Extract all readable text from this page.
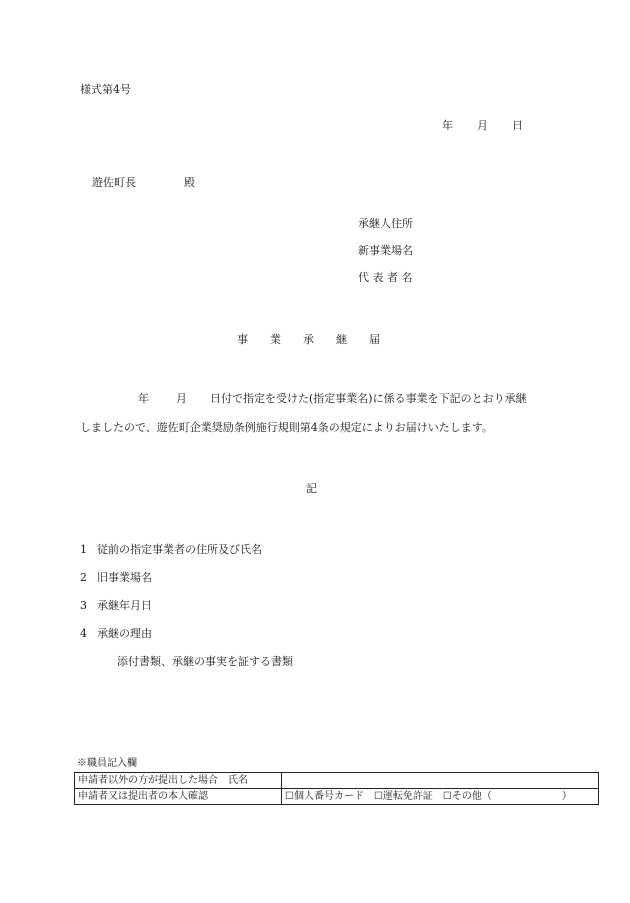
様式第4号
年 月 日
遊佐町長	殿
承継人住所
新事業場名
代 表 者 名
事　　業　　承　　継　　届
年 月 日付で指定を受けた(指定事業名)に係る事業を下記のとおり承継
しましたので、遊佐町企業奨励条例施行規則第4条の規定によりお届けいたします。
記
1 従前の指定事業者の住所及び氏名
2 旧事業場名
3 承継年月日
4 承継の理由
添付書類、承継の事実を証する書類
※職員記入欄
申請者以外の方が提出した場合　氏名	
申請者又は提出者の本人確認	☐個人番号カード　☐運転免許証　☐その他（　　　　　　　）
